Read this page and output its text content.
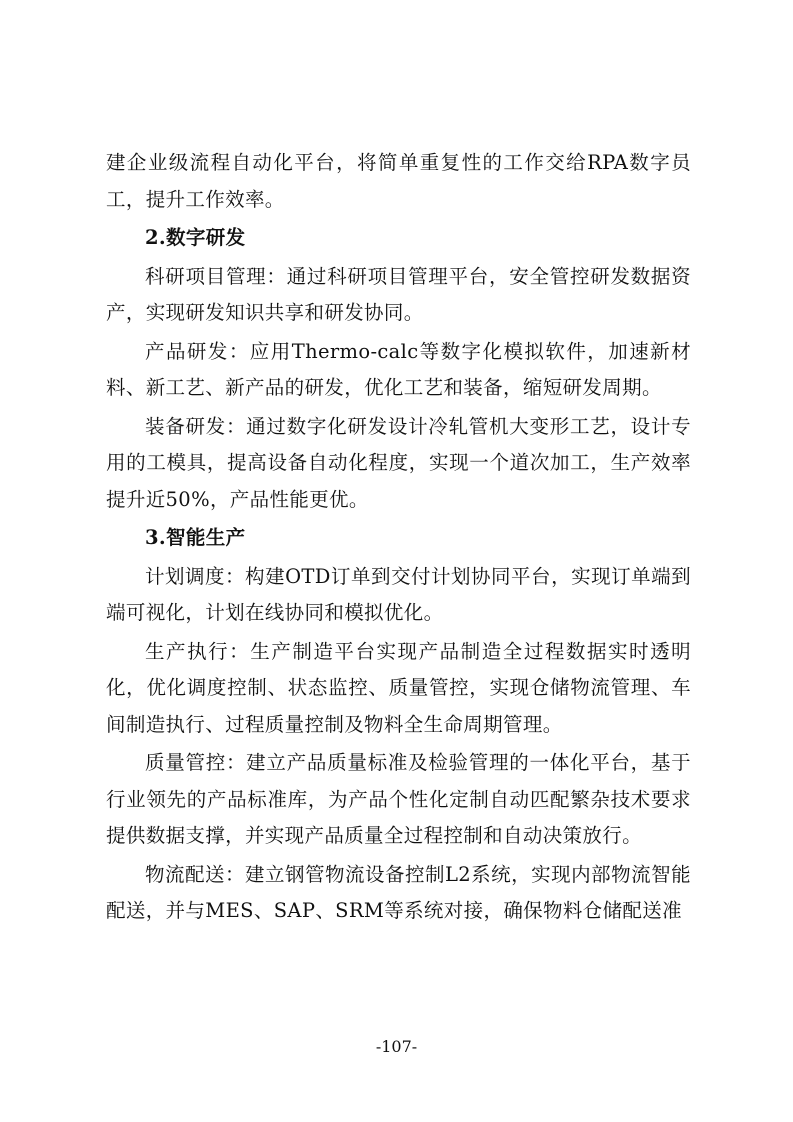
建企业级流程自动化平台，将简单重复性的工作交给RPA数字员工，提升工作效率。

2.数字研发

科研项目管理：通过科研项目管理平台，安全管控研发数据资产，实现研发知识共享和研发协同。

产品研发：应用Thermo-calc等数字化模拟软件，加速新材料、新工艺、新产品的研发，优化工艺和装备，缩短研发周期。

装备研发：通过数字化研发设计冷轧管机大变形工艺，设计专用的工模具，提高设备自动化程度，实现一个道次加工，生产效率提升近50%，产品性能更优。

3.智能生产

计划调度：构建OTD订单到交付计划协同平台，实现订单端到端可视化，计划在线协同和模拟优化。

生产执行：生产制造平台实现产品制造全过程数据实时透明化，优化调度控制、状态监控、质量管控，实现仓储物流管理、车间制造执行、过程质量控制及物料全生命周期管理。

质量管控：建立产品质量标准及检验管理的一体化平台，基于行业领先的产品标准库，为产品个性化定制自动匹配繁杂技术要求提供数据支撑，并实现产品质量全过程控制和自动决策放行。

物流配送：建立钢管物流设备控制L2系统，实现内部物流智能配送，并与MES、SAP、SRM等系统对接，确保物料仓储配送准

-107-
